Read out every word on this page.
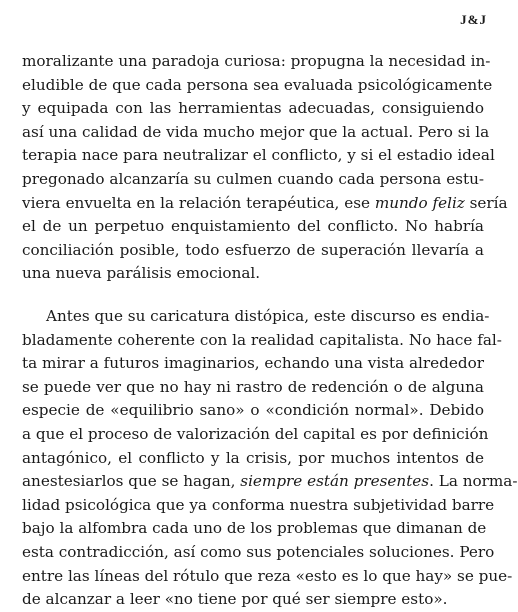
J&J
moralizante una paradoja curiosa: propugna la necesidad in-
eludible de que cada persona sea evaluada psicológicamente
y equipada con las herramientas adecuadas, consiguiendo
así una calidad de vida mucho mejor que la actual. Pero si la
terapia nace para neutralizar el conflicto, y si el estadio ideal
pregonado alcanzaría su culmen cuando cada persona estu-
viera envuelta en la relación terapéutica, ese mundo feliz sería
el de un perpetuo enquistamiento del conflicto. No habría
conciliación posible, todo esfuerzo de superación llevaría a
una nueva parálisis emocional.
Antes que su caricatura distópica, este discurso es endia-
bladamente coherente con la realidad capitalista. No hace fal-
ta mirar a futuros imaginarios, echando una vista alrededor
se puede ver que no hay ni rastro de redención o de alguna
especie de «equilibrio sano» o «condición normal». Debido
a que el proceso de valorización del capital es por definición
antagónico, el conflicto y la crisis, por muchos intentos de
anestesiarlos que se hagan, siempre están presentes. La norma-
lidad psicológica que ya conforma nuestra subjetividad barre
bajo la alfombra cada uno de los problemas que dimanan de
esta contradicción, así como sus potenciales soluciones. Pero
entre las líneas del rótulo que reza «esto es lo que hay» se pue-
de alcanzar a leer «no tiene por qué ser siempre esto».
